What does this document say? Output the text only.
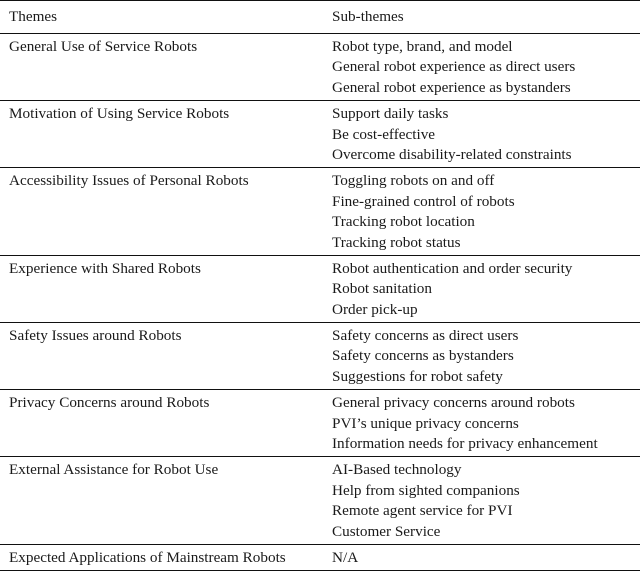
Themes	Sub-themes
General Use of Service Robots	Robot type, brand, and model
General robot experience as direct users
General robot experience as bystanders

Motivation of Using Service Robots	Support daily tasks
Be cost-effective
Overcome disability-related constraints

Accessibility Issues of Personal Robots	Toggling robots on and off
Fine-grained control of robots
Tracking robot location
Tracking robot status

Experience with Shared Robots	Robot authentication and order security
Robot sanitation
Order pick-up

Safety Issues around Robots	Safety concerns as direct users
Safety concerns as bystanders
Suggestions for robot safety

Privacy Concerns around Robots	General privacy concerns around robots
PVI’s unique privacy concerns
Information needs for privacy enhancement

External Assistance for Robot Use	AI-Based technology
Help from sighted companions
Remote agent service for PVI
Customer Service

Expected Applications of Mainstream Robots	N/A
